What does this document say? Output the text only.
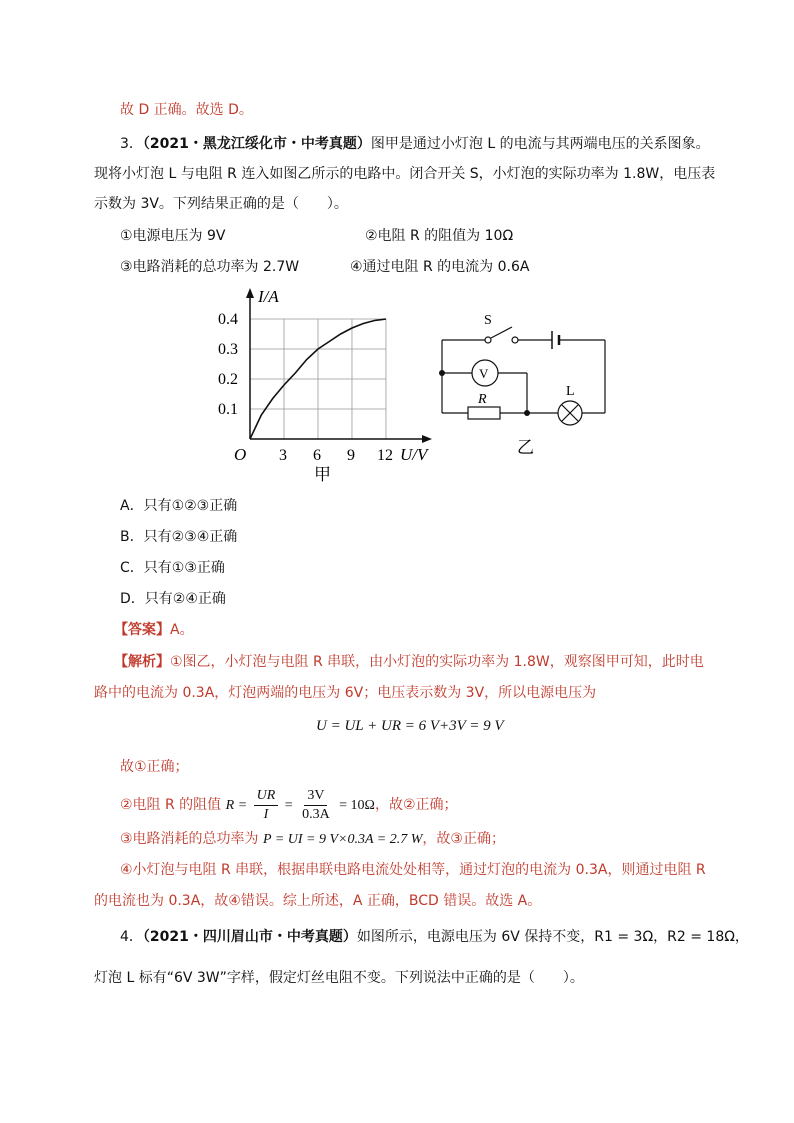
故 D 正确。故选 D。
3．（2021・黑龙江绥化市・中考真题）图甲是通过小灯泡 L 的电流与其两端电压的关系图象。
现将小灯泡 L 与电阻 R 连入如图乙所示的电路中。闭合开关 S，小灯泡的实际功率为 1.8W，电压表
示数为 3V。下列结果正确的是（　　）。
①电源电压为 9V	②电阻 R 的阻值为 10Ω
③电路消耗的总功率为 2.7W	④通过电阻 R 的电流为 0.6A
3 6 9 12
0.1
0.2
0.3
0.4
I/A
U/V
O
甲
S
V
R
L
乙
A．只有①②③正确
B．只有②③④正确
C．只有①③正确
D．只有②④正确
【答案】A。
【解析】①图乙，小灯泡与电阻 R 串联，由小灯泡的实际功率为 1.8W，观察图甲可知，此时电
路中的电流为 0.3A，灯泡两端的电压为 6V；电压表示数为 3V，所以电源电压为
U = UL + UR = 6 V+3V = 9 V
故①正确；
②电阻 R 的阻值 $R = \frac{UR}{I} = \frac{3V}{0.3A} = 10\Omega$，故②正确；
③电路消耗的总功率为 P = UI = 9 V×0.3A = 2.7 W，故③正确；
④小灯泡与电阻 R 串联，根据串联电路电流处处相等，通过灯泡的电流为 0.3A，则通过电阻 R
的电流也为 0.3A，故④错误。综上所述，A 正确，BCD 错误。故选 A。
4．（2021・四川眉山市・中考真题）如图所示，电源电压为 6V 保持不变，R1 = 3Ω，R2 = 18Ω，
灯泡 L 标有“6V 3W”字样，假定灯丝电阻不变。下列说法中正确的是（　　）。
